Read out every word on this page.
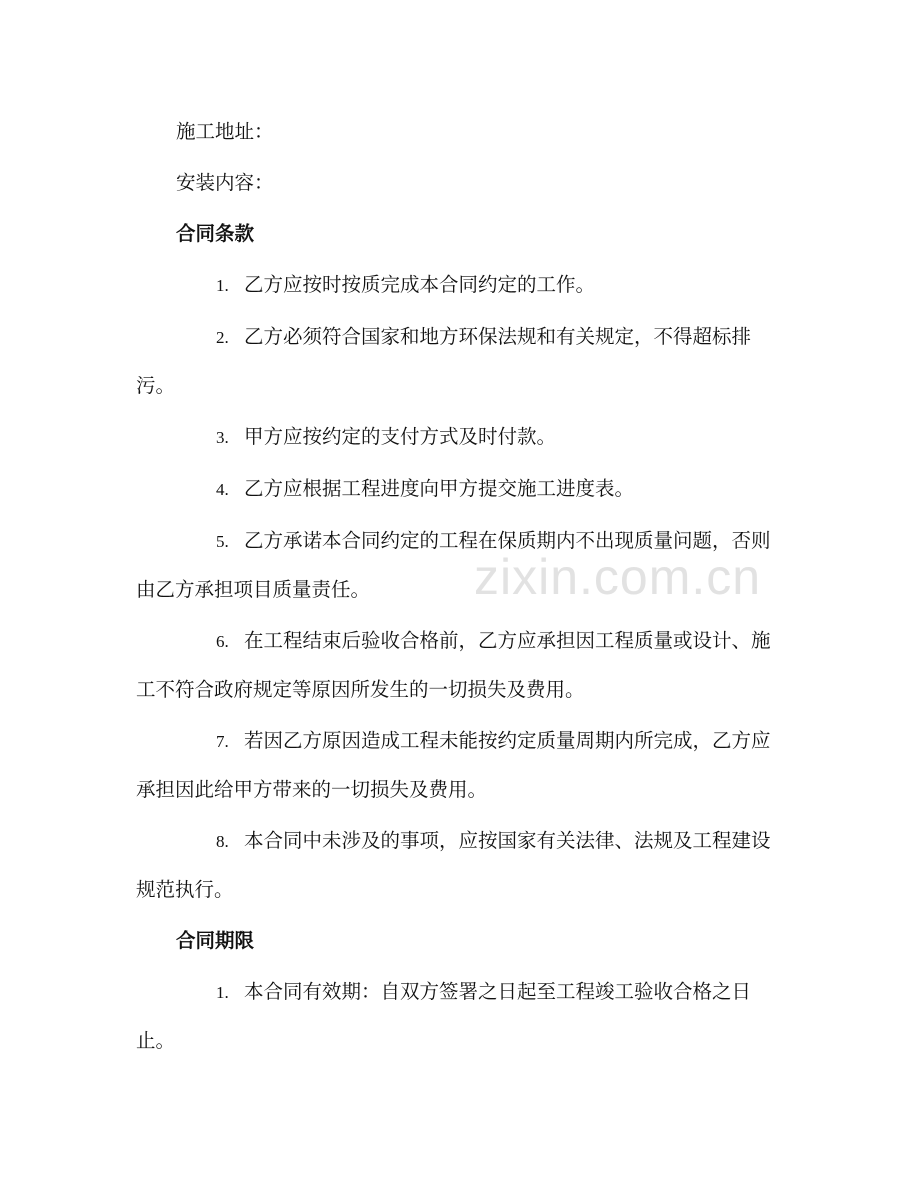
施工地址：

安装内容：

合同条款

1. 乙方应按时按质完成本合同约定的工作。

2. 乙方必须符合国家和地方环保法规和有关规定，不得超标排污。

3. 甲方应按约定的支付方式及时付款。

4. 乙方应根据工程进度向甲方提交施工进度表。

5. 乙方承诺本合同约定的工程在保质期内不出现质量问题，否则由乙方承担项目质量责任。

6. 在工程结束后验收合格前，乙方应承担因工程质量或设计、施工不符合政府规定等原因所发生的一切损失及费用。

7. 若因乙方原因造成工程未能按约定质量周期内所完成，乙方应承担因此给甲方带来的一切损失及费用。

8. 本合同中未涉及的事项，应按国家有关法律、法规及工程建设规范执行。

合同期限

1. 本合同有效期：自双方签署之日起至工程竣工验收合格之日止。

zixin.com.cn
